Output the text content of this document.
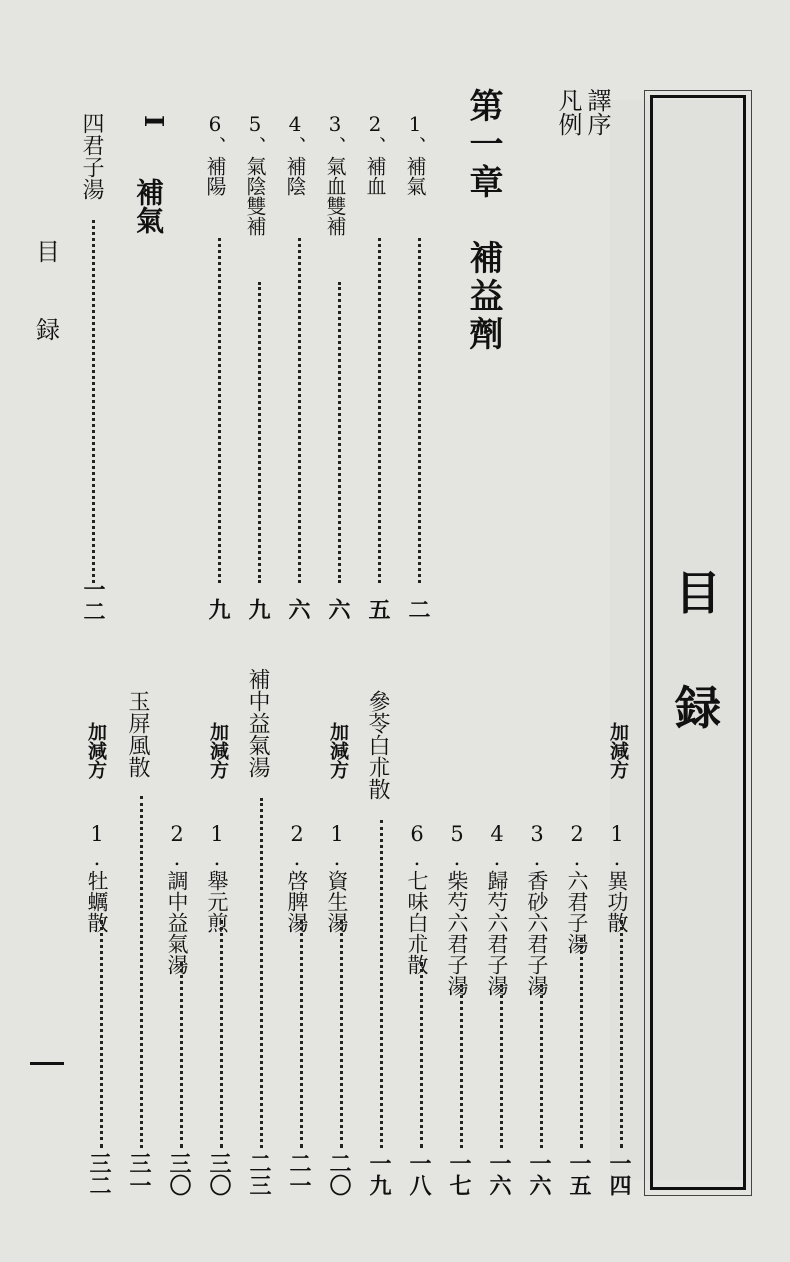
目
録
目
録
譯序
凡例
第一章　補益劑
1、補氣
二
2、補血
五
3、氣血雙補
六
4、補陰
六
5、氣陰雙補
九
6、補陽
九
I
補氣
四君子湯
一二
加減方
1.異功散
一四
2.六君子湯
一五
3.香砂六君子湯
一六
4.歸芍六君子湯
一六
5.柴芍六君子湯
一七
6.七味白朮散
一八
參苓白朮散
一九
加減方
1.資生湯
二〇
2.啓脾湯
二一
補中益氣湯
二三
加減方
1.舉元煎
三〇
2.調中益氣湯
三〇
玉屏風散
三一
加減方
1.牡蠣散
三二
